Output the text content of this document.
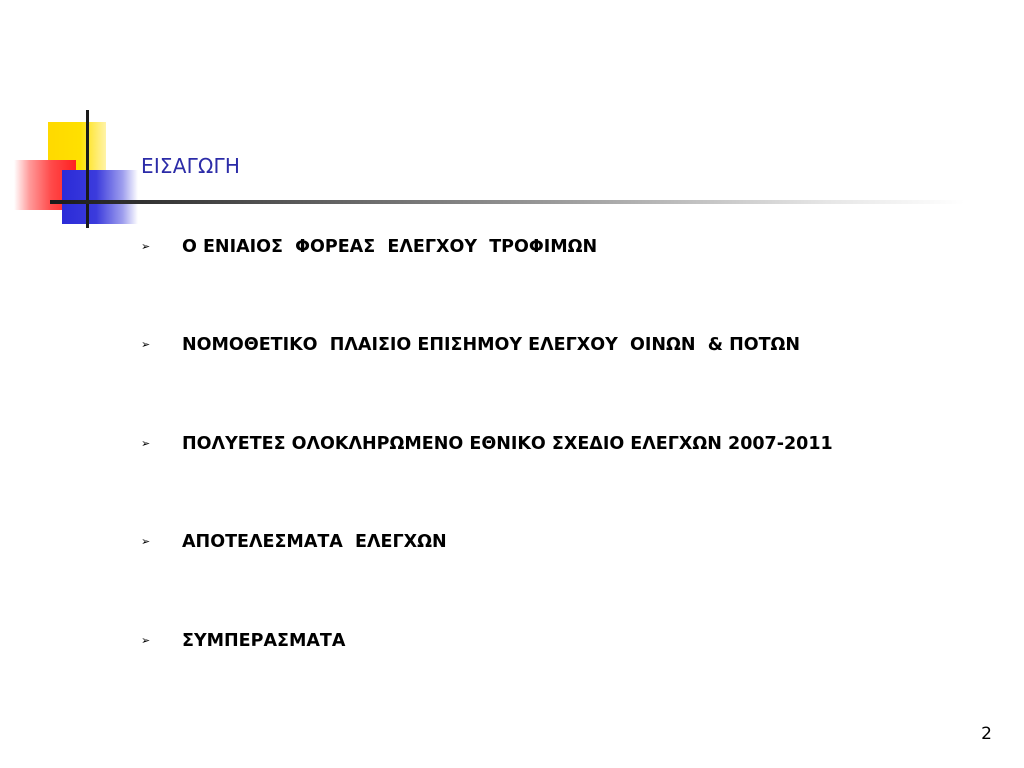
ΕΙΣΑΓΩΓΗ
➢ Ο ΕΝΙΑΙΟΣ  ΦΟΡΕΑΣ  ΕΛΕΓΧΟΥ  ΤΡΟΦΙΜΩΝ
➢ ΝΟΜΟΘΕΤΙΚΟ  ΠΛΑΙΣΙΟ ΕΠΙΣΗΜΟΥ ΕΛΕΓΧΟΥ  ΟΙΝΩΝ  & ΠΟΤΩΝ
➢ ΠΟΛΥΕΤΕΣ ΟΛΟΚΛΗΡΩΜΕΝΟ ΕΘΝΙΚΟ ΣΧΕΔΙΟ ΕΛΕΓΧΩΝ 2007-2011
➢ ΑΠΟΤΕΛΕΣΜΑΤΑ  ΕΛΕΓΧΩΝ
➢ ΣΥΜΠΕΡΑΣΜΑΤΑ
2
